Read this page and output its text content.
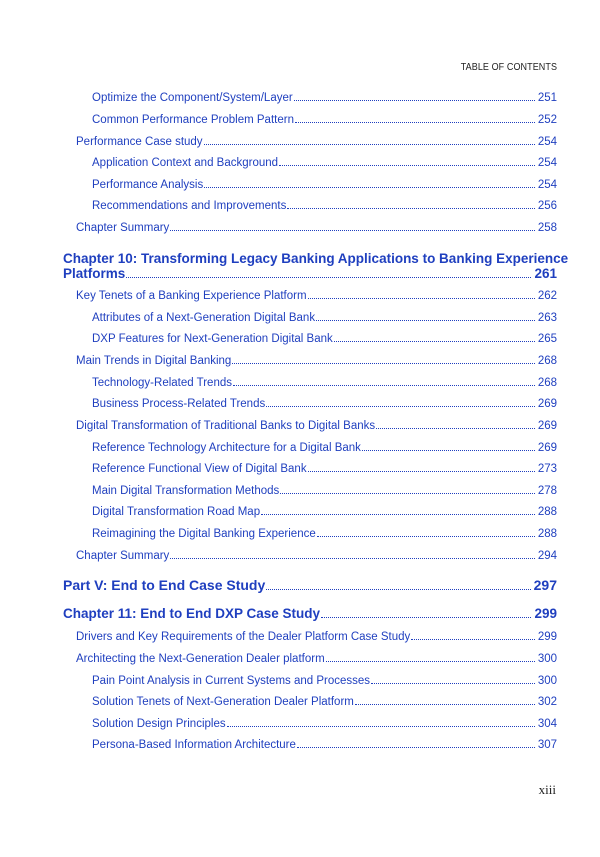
TABLE OF CONTENTS
Optimize the Component/System/Layer	251
Common Performance Problem Pattern	252
Performance Case study	254
Application Context and Background	254
Performance Analysis	254
Recommendations and Improvements	256
Chapter Summary	258
Chapter 10: Transforming Legacy Banking Applications to Banking Experience
Platforms	261
Key Tenets of a Banking Experience Platform	262
Attributes of a Next-Generation Digital Bank	263
DXP Features for Next-Generation Digital Bank	265
Main Trends in Digital Banking	268
Technology-Related Trends	268
Business Process-Related Trends	269
Digital Transformation of Traditional Banks to Digital Banks	269
Reference Technology Architecture for a Digital Bank	269
Reference Functional View of Digital Bank	273
Main Digital Transformation Methods	278
Digital Transformation Road Map	288
Reimagining the Digital Banking Experience	288
Chapter Summary	294
Part V: End to End Case Study	297
Chapter 11: End to End DXP Case Study	299
Drivers and Key Requirements of the Dealer Platform Case Study	299
Architecting the Next-Generation Dealer platform	300
Pain Point Analysis in Current Systems and Processes	300
Solution Tenets of Next-Generation Dealer Platform	302
Solution Design Principles	304
Persona-Based Information Architecture	307
xiii
